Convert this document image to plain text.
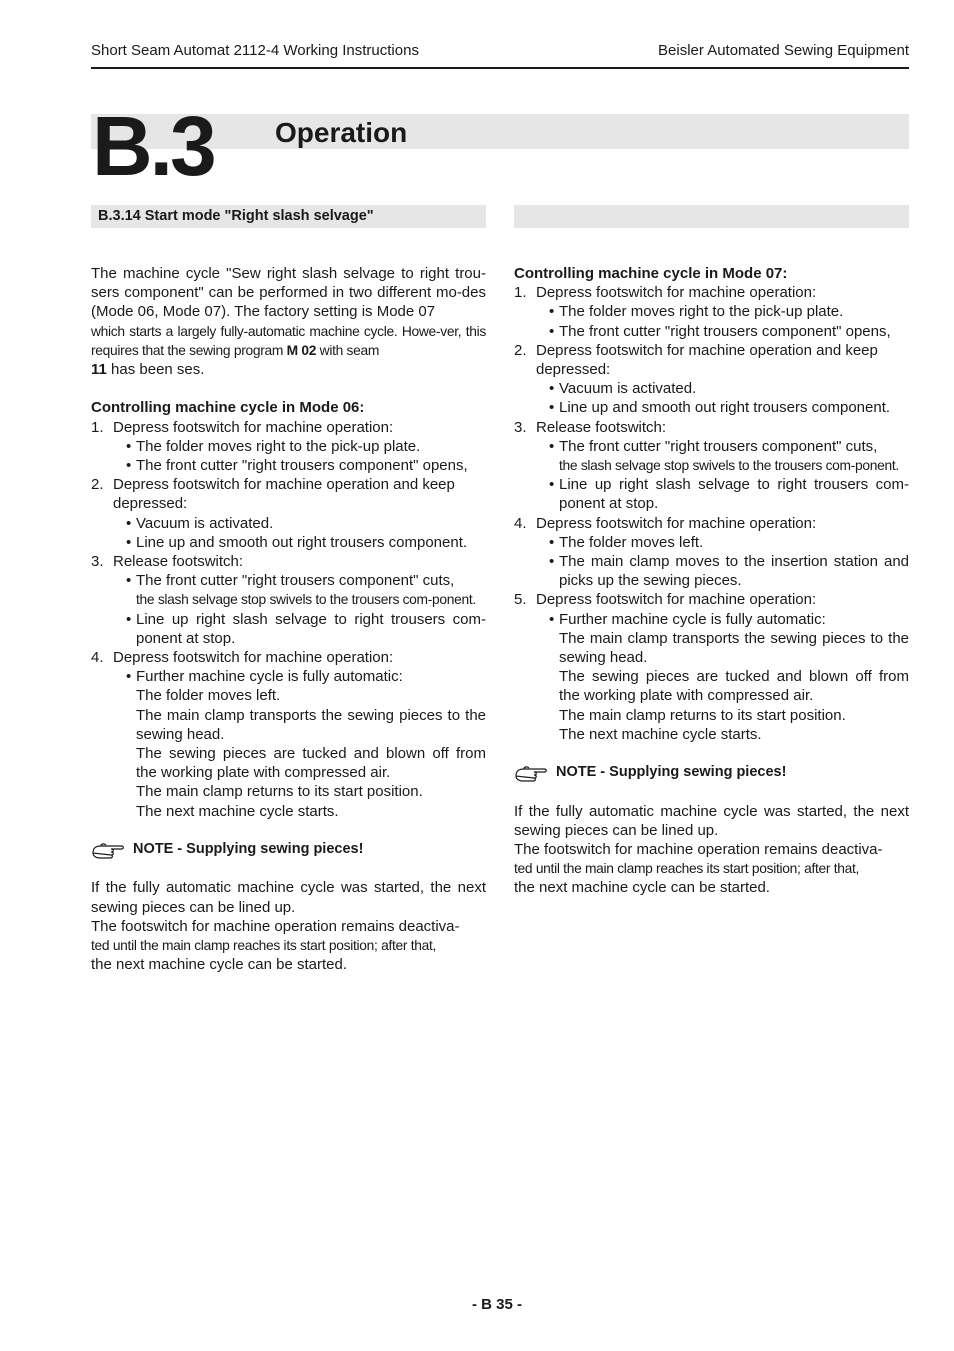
Short Seam Automat 2112-4 Working Instructions	Beisler Automated Sewing Equipment
B.3 Operation
B.3.14 Start mode "Right slash selvage"

The machine cycle "Sew right slash selvage to right trou-sers component" can be performed in two different mo-des (Mode 06, Mode 07). The factory setting is Mode 07

which starts a largely fully-automatic machine cycle. Howe-ver, this requires that the sewing program M 02 with seam

11 has been ses.

Controlling machine cycle in Mode 06:

1. Depress footswitch for machine operation:

• The folder moves right to the pick-up plate.

• The front cutter "right trousers component" opens,

2. Depress footswitch for machine operation and keep depressed:

• Vacuum is activated.

• Line up and smooth out right trousers component.

3. Release footswitch:

• The front cutter "right trousers component" cuts,

the slash selvage stop swivels to the trousers com-ponent.

• Line up right slash selvage to right trousers com-ponent at stop.

4. Depress footswitch for machine operation:

• Further machine cycle is fully automatic:

The folder moves left.

The main clamp transports the sewing pieces to the sewing head.

The sewing pieces are tucked and blown off from the working plate with compressed air.

The main clamp returns to its start position.

The next machine cycle starts.

NOTE - Supplying sewing pieces!

If the fully automatic machine cycle was started, the next sewing pieces can be lined up.

The footswitch for machine operation remains deactiva-

ted until the main clamp reaches its start position; after that,

the next machine cycle can be started.

Controlling machine cycle in Mode 07:

1. Depress footswitch for machine operation:

• The folder moves right to the pick-up plate.

• The front cutter "right trousers component" opens,

2. Depress footswitch for machine operation and keep depressed:

• Vacuum is activated.

• Line up and smooth out right trousers component.

3. Release footswitch:

• The front cutter "right trousers component" cuts,

the slash selvage stop swivels to the trousers com-ponent.

• Line up right slash selvage to right trousers com-ponent at stop.

4. Depress footswitch for machine operation:

• The folder moves left.

• The main clamp moves to the insertion station and picks up the sewing pieces.

5. Depress footswitch for machine operation:

• Further machine cycle is fully automatic:

The main clamp transports the sewing pieces to the sewing head.

The sewing pieces are tucked and blown off from the working plate with compressed air.

The main clamp returns to its start position.

The next machine cycle starts.

NOTE - Supplying sewing pieces!

If the fully automatic machine cycle was started, the next sewing pieces can be lined up.

The footswitch for machine operation remains deactiva-

ted until the main clamp reaches its start position; after that,

the next machine cycle can be started.

- B 35 -
